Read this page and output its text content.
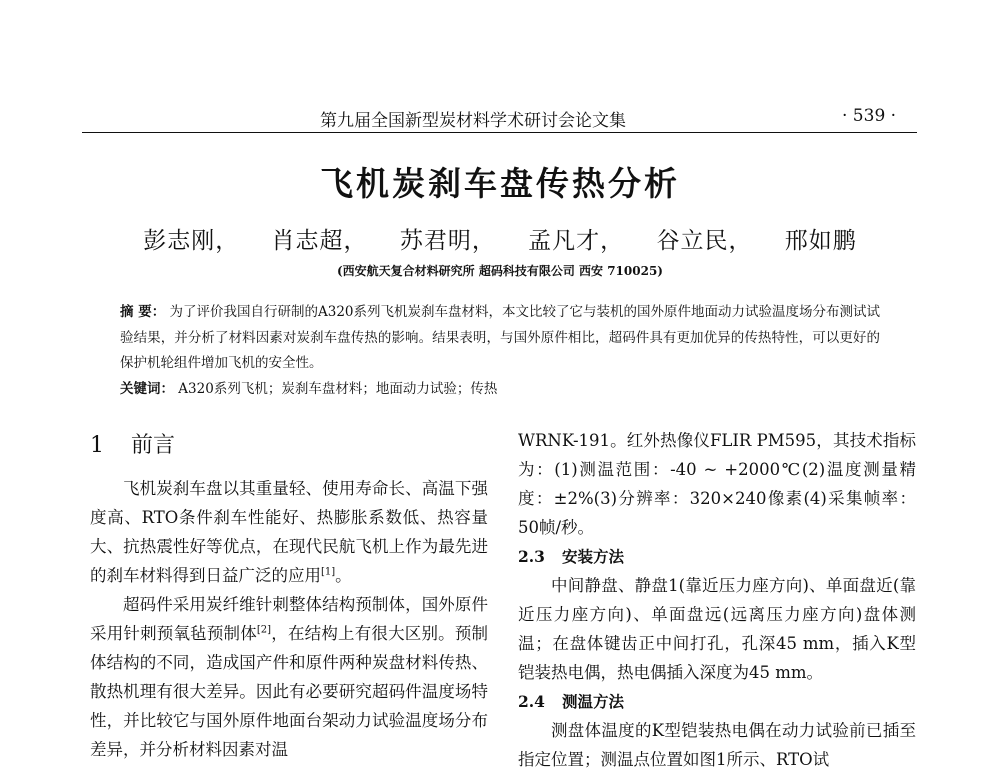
第九届全国新型炭材料学术研讨会论文集	· 539 ·
飞机炭刹车盘传热分析
彭志刚， 肖志超， 苏君明， 孟凡才， 谷立民， 邢如鹏
(西安航天复合材料研究所 超码科技有限公司 西安 710025)

摘 要： 为了评价我国自行研制的A320系列飞机炭刹车盘材料，本文比较了它与装机的国外原件地面动力试验温度场分布测试试验结果，并分析了材料因素对炭刹车盘传热的影响。结果表明，与国外原件相比，超码件具有更加优异的传热特性，可以更好的保护机轮组件增加飞机的安全性。

关键词： A320系列飞机；炭刹车盘材料；地面动力试验；传热
1 前言

飞机炭刹车盘以其重量轻、使用寿命长、高温下强度高、RTO条件刹车性能好、热膨胀系数低、热容量大、抗热震性好等优点，在现代民航飞机上作为最先进的刹车材料得到日益广泛的应用[1]。

超码件采用炭纤维针刺整体结构预制体，国外原件采用针刺预氧毡预制体[2]，在结构上有很大区别。预制体结构的不同，造成国产件和原件两种炭盘材料传热、散热机理有很大差异。因此有必要研究超码件温度场特性，并比较它与国外原件地面台架动力试验温度场分布差异，并分析材料因素对温

WRNK-191。红外热像仪FLIR PM595，其技术指标为：(1)测温范围：-40 ~ +2000℃(2)温度测量精度：±2%(3)分辨率：320×240像素(4)采集帧率：50帧/秒。

2.3 安装方法

中间静盘、静盘1(靠近压力座方向)、单面盘近(靠近压力座方向)、单面盘远(远离压力座方向)盘体测温；在盘体键齿正中间打孔，孔深45 mm，插入K型铠装热电偶，热电偶插入深度为45 mm。

2.4 测温方法

测盘体温度的K型铠装热电偶在动力试验前已插至指定位置；测温点位置如图1所示、RTO试
